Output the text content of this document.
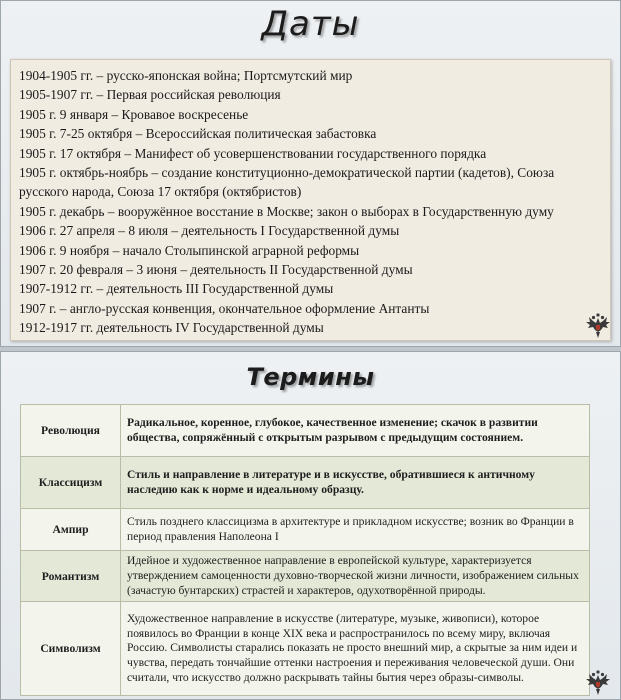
Даты
1904-1905 гг. – русско-японская война; Портсмутский мир
1905-1907 гг. – Первая российская революция
1905 г. 9 января – Кровавое воскресенье
1905 г. 7-25 октября – Всероссийская политическая забастовка
1905 г. 17 октября – Манифест об усовершенствовании государственного порядка
1905 г. октябрь-ноябрь – создание конституционно-демократической партии (кадетов), Союза русского народа, Союза 17 октября (октябристов)
1905 г. декабрь – вооружённое восстание в Москве; закон о выборах в Государственную думу
1906 г. 27 апреля – 8 июля – деятельность I Государственной думы
1906 г. 9 ноября – начало Столыпинской аграрной реформы
1907 г. 20 февраля – 3 июня – деятельность II Государственной думы
1907-1912 гг. – деятельность III Государственной думы
1907 г. – англо-русская конвенция, окончательное оформление Антанты
1912-1917 гг. деятельность IV Государственной думы
Термины
Революция	Радикальное, коренное, глубокое, качественное изменение; скачок в развитии общества, сопряжённый с открытым разрывом с предыдущим состоянием.
Классицизм	Стиль и направление в литературе и в искусстве, обратившиеся к античному наследию как к норме и идеальному образцу.
Ампир	Стиль позднего классицизма в архитектуре и прикладном искусстве; возник во Франции в период правления Наполеона I
Романтизм	Идейное и художественное направление в европейской культуре, характеризуется утверждением самоценности духовно-творческой жизни личности, изображением сильных (зачастую бунтарских) страстей и характеров, одухотворённой природы.
Символизм	Художественное направление в искусстве (литературе, музыке, живописи), которое появилось во Франции в конце XIX века и распространилось по всему миру, включая Россию. Символисты старались показать не просто внешний мир, а скрытые за ним идеи и чувства, передать тончайшие оттенки настроения и переживания человеческой души. Они считали, что искусство должно раскрывать тайны бытия через образы-символы.
